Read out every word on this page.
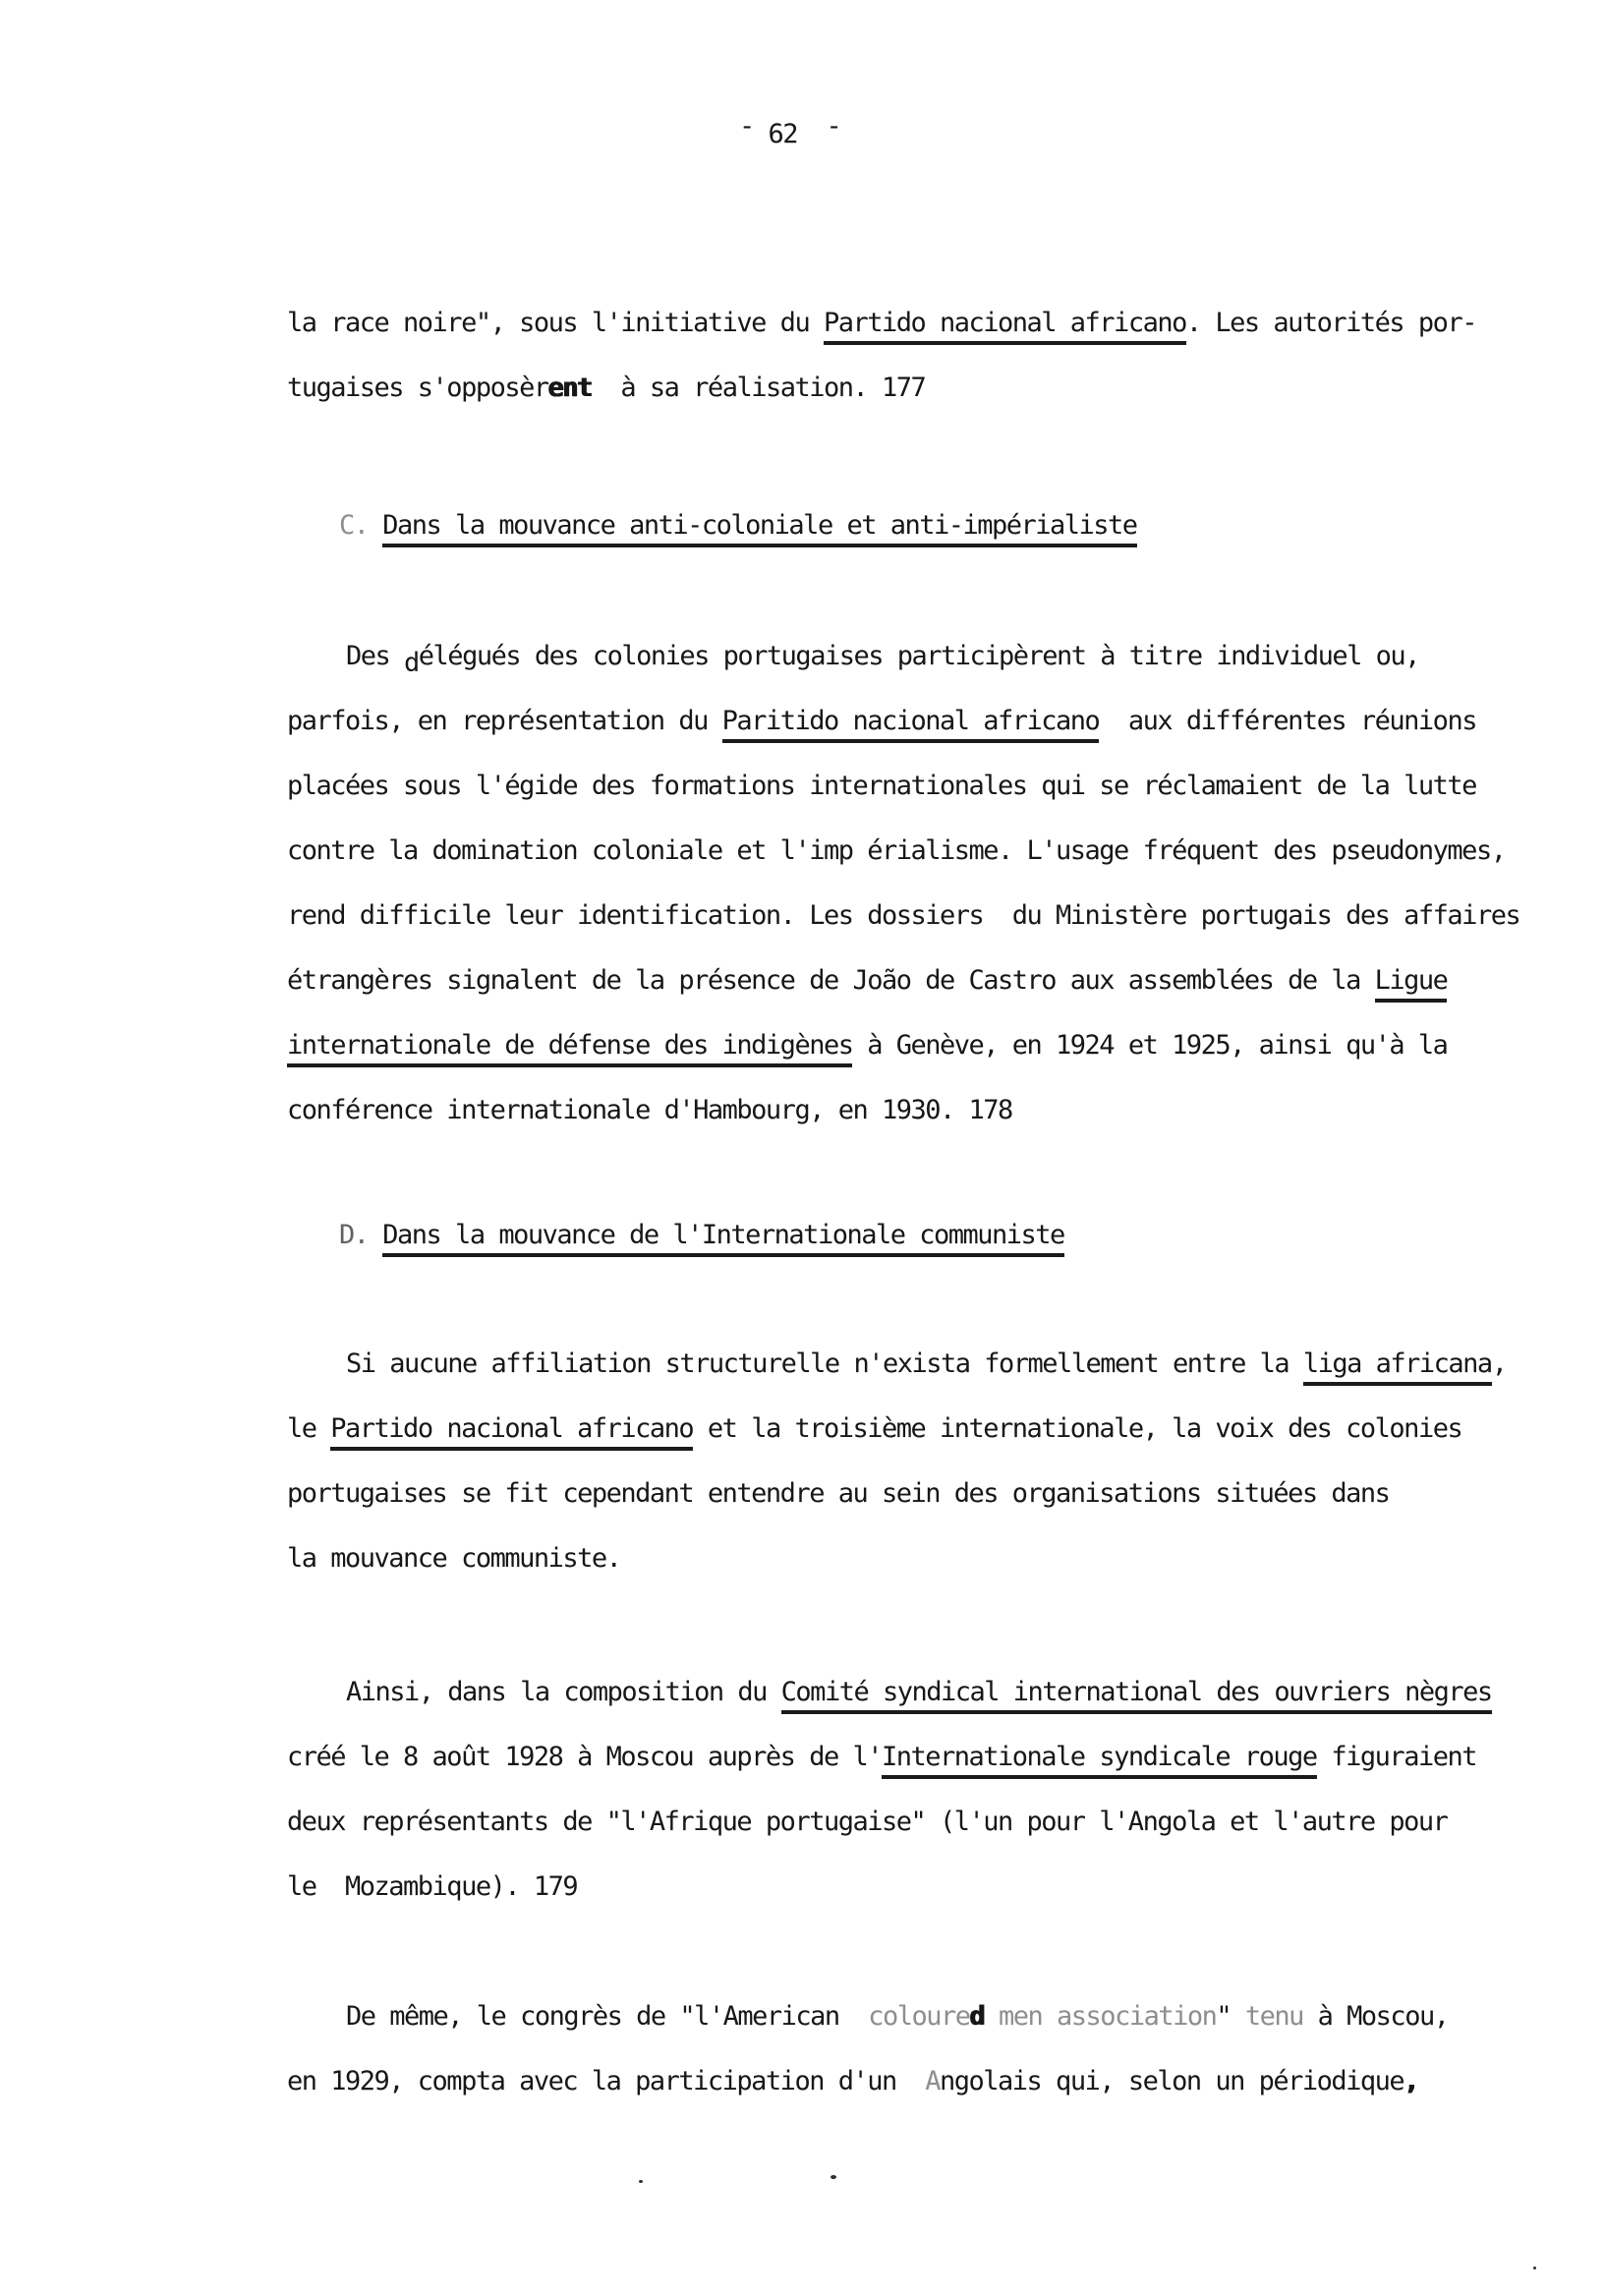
- 62  -
la race noire", sous l'initiative du Partido nacional africano. Les autorités por-
tugaises s'opposèrent  à sa réalisation. 177
C. Dans la mouvance anti-coloniale et anti-impérialiste
Des délégués des colonies portugaises participèrent à titre individuel ou,
parfois, en représentation du Paritido nacional africano  aux différentes réunions
placées sous l'égide des formations internationales qui se réclamaient de la lutte
contre la domination coloniale et l'imp érialisme. L'usage fréquent des pseudonymes,
rend difficile leur identification. Les dossiers  du Ministère portugais des affaires
étrangères signalent de la présence de João de Castro aux assemblées de la Ligue
internationale de défense des indigènes à Genève, en 1924 et 1925, ainsi qu'à la
conférence internationale d'Hambourg, en 1930. 178
D. Dans la mouvance de l'Internationale communiste
Si aucune affiliation structurelle n'exista formellement entre la liga africana,
le Partido nacional africano et la troisième internationale, la voix des colonies
portugaises se fit cependant entendre au sein des organisations situées dans
la mouvance communiste.
Ainsi, dans la composition du Comité syndical international des ouvriers nègres
créé le 8 août 1928 à Moscou auprès de l'Internationale syndicale rouge figuraient
deux représentants de "l'Afrique portugaise" (l'un pour l'Angola et l'autre pour
le  Mozambique). 179
De même, le congrès de "l'American  coloured men association" tenu à Moscou,
en 1929, compta avec la participation d'un  Angolais qui, selon un périodique,
